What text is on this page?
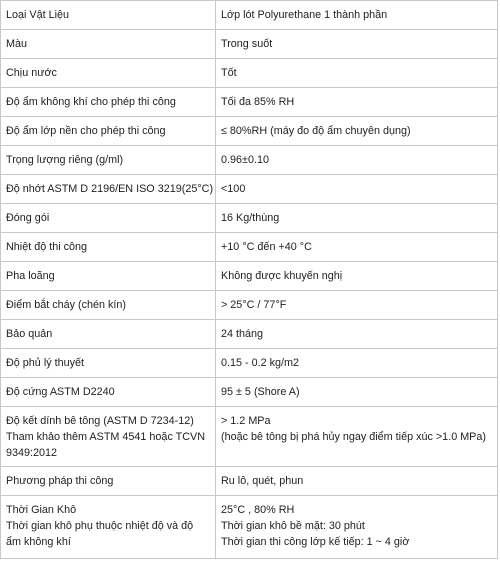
Loại Vật Liệu	Lớp lót Polyurethane 1 thành phần

Màu	Trong suốt

Chịu nước	Tốt

Độ ẩm không khí cho phép thi công	Tối đa 85% RH

Độ ẩm lớp nền cho phép thi công	≤ 80%RH (máy đo độ ẩm chuyên dụng)

Trọng lượng riêng (g/ml)	0.96±0.10

Độ nhớt ASTM D 2196/EN ISO 3219(25°C)	<100

Đóng gói	16 Kg/thùng

Nhiệt độ thi công	+10 °C đến +40 °C

Pha loãng	Không được khuyến nghị

Điểm bắt cháy (chén kín)	> 25°C / 77°F

Bảo quản	24 tháng

Độ phủ lý thuyết	0.15 - 0.2 kg/m2

Độ cứng ASTM D2240	95 ± 5 (Shore A)

Độ kết dính bê tông (ASTM D 7234-12)
Tham khảo thêm ASTM 4541 hoặc TCVN 9349:2012	> 1.2 MPa
(hoặc bê tông bị phá hủy ngay điểm tiếp xúc >1.0 MPa)

Phương pháp thi công	Ru lô, quét, phun

Thời Gian Khô
Thời gian khô phụ thuộc nhiệt độ và độ ẩm không khí	25°C , 80% RH
Thời gian khô bề mặt: 30 phút
Thời gian thi công lớp kế tiếp: 1 ~ 4 giờ
